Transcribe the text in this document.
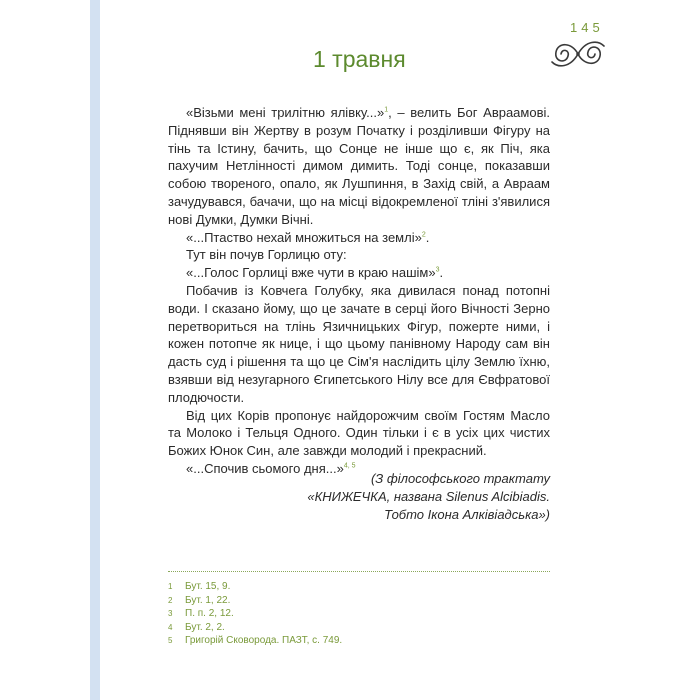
145
1 травня

«Візьми мені трилітню ялівку...»$^1$, – велить Бог Авраамові. Піднявши він Жертву в розум Початку і розділивши Фігуру на тінь та Істину, бачить, що Сонце не інше що є, як Піч, яка пахучим Нетлінності димом димить. Тоді сонце, показавши собою твореного, опало, як Лушпиння, в Захід свій, а Авраам зачудувався, бачачи, що на місці відокремленої тліні з'явилися нові Думки, Думки Вічні.

«...Птаство нехай множиться на землі»$^2$.

Тут він почув Горлицю оту:

«...Голос Горлиці вже чути в краю нашім»$^3$.

Побачив із Ковчега Голубку, яка дивилася понад потопні води. І сказано йому, що це зачате в серці його Вічності Зерно перетвориться на тлінь Язичницьких Фігур, пожерте ними, і кожен потопче як нице, і що цьому панівному Народу сам він дасть суд і рішення та що це Сім'я наслідить цілу Землю їхню, взявши від незугарного Єгипетського Нілу все для Євфратової плодючости.

Від цих Корів пропонує найдорожчим своїм Гостям Масло та Молоко і Тельця Одного. Один тільки і є в усіх цих чистих Божих Юнок Син, але завжди молодий і прекрасний.

«...Спочив сьомого дня...»$^{4, 5}$

(З філософського трактату
«КНИЖЕЧКА, названа Silenus Alcibiadis.
Тобто Ікона Алківіадська»)
1	Бут. 15, 9.
2	Бут. 1, 22.
3	П. п. 2, 12.
4	Бут. 2, 2.
5	Григорій Сковорода. ПАЗТ, с. 749.
